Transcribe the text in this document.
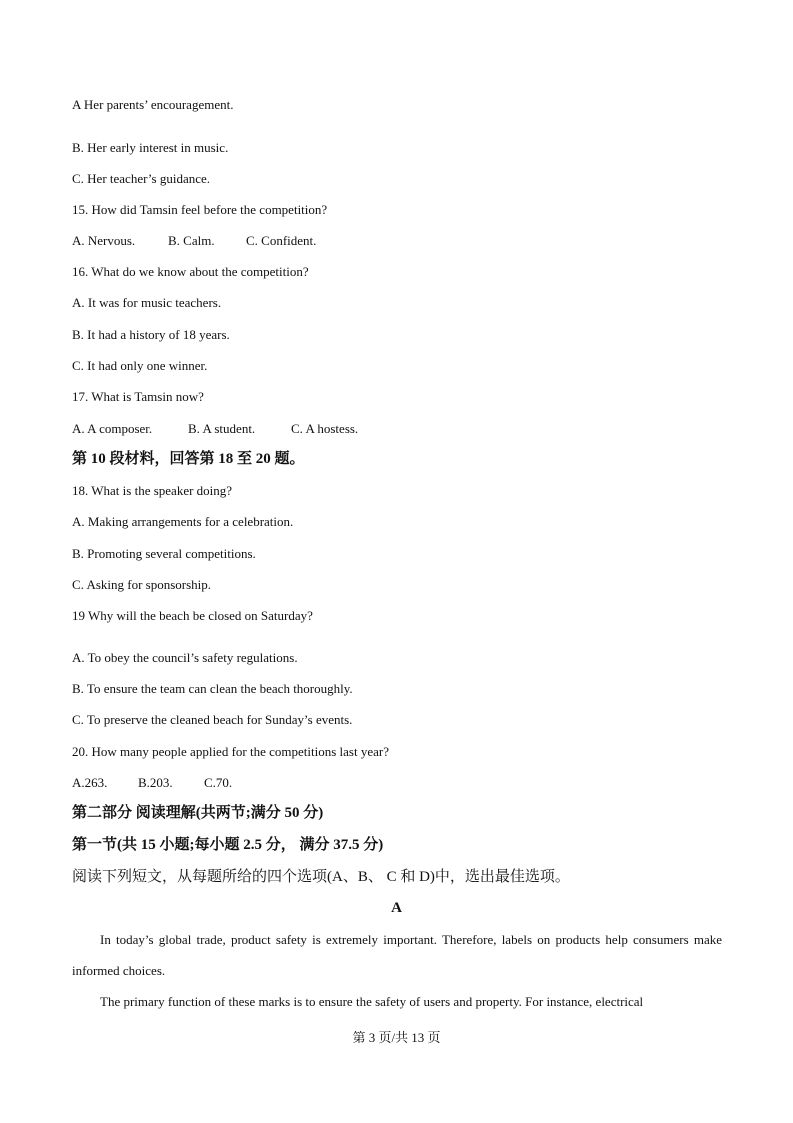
A Her parents’ encouragement.
B. Her early interest in music.
C. Her teacher’s guidance.
15. How did Tamsin feel before the competition?
A. Nervous.	B. Calm. C. Confident.
16. What do we know about the competition?
A. It was for music teachers.
B. It had a history of 18 years.
C. It had only one winner.
17. What is Tamsin now?
A. A composer.	B. A student.	C. A hostess.
第 10 段材料，回答第 18 至 20 题。
18. What is the speaker doing?
A. Making arrangements for a celebration.
B. Promoting several competitions.
C. Asking for sponsorship.
19 Why will the beach be closed on Saturday?
A. To obey the council’s safety regulations.
B. To ensure the team can clean the beach thoroughly.
C. To preserve the cleaned beach for Sunday’s events.
20. How many people applied for the competitions last year?
A.263. B.203. C.70.
第二部分 阅读理解(共两节;满分 50 分)
第一节(共 15 小题;每小题 2.5 分， 满分 37.5 分)
阅读下列短文，从每题所给的四个选项(A、B、 C 和 D)中，选出最佳选项。
A
In today’s global trade, product safety is extremely important. Therefore, labels on products help consumers make informed choices.
The primary function of these marks is to ensure the safety of users and property. For instance, electrical
第 3 页/共 13 页
